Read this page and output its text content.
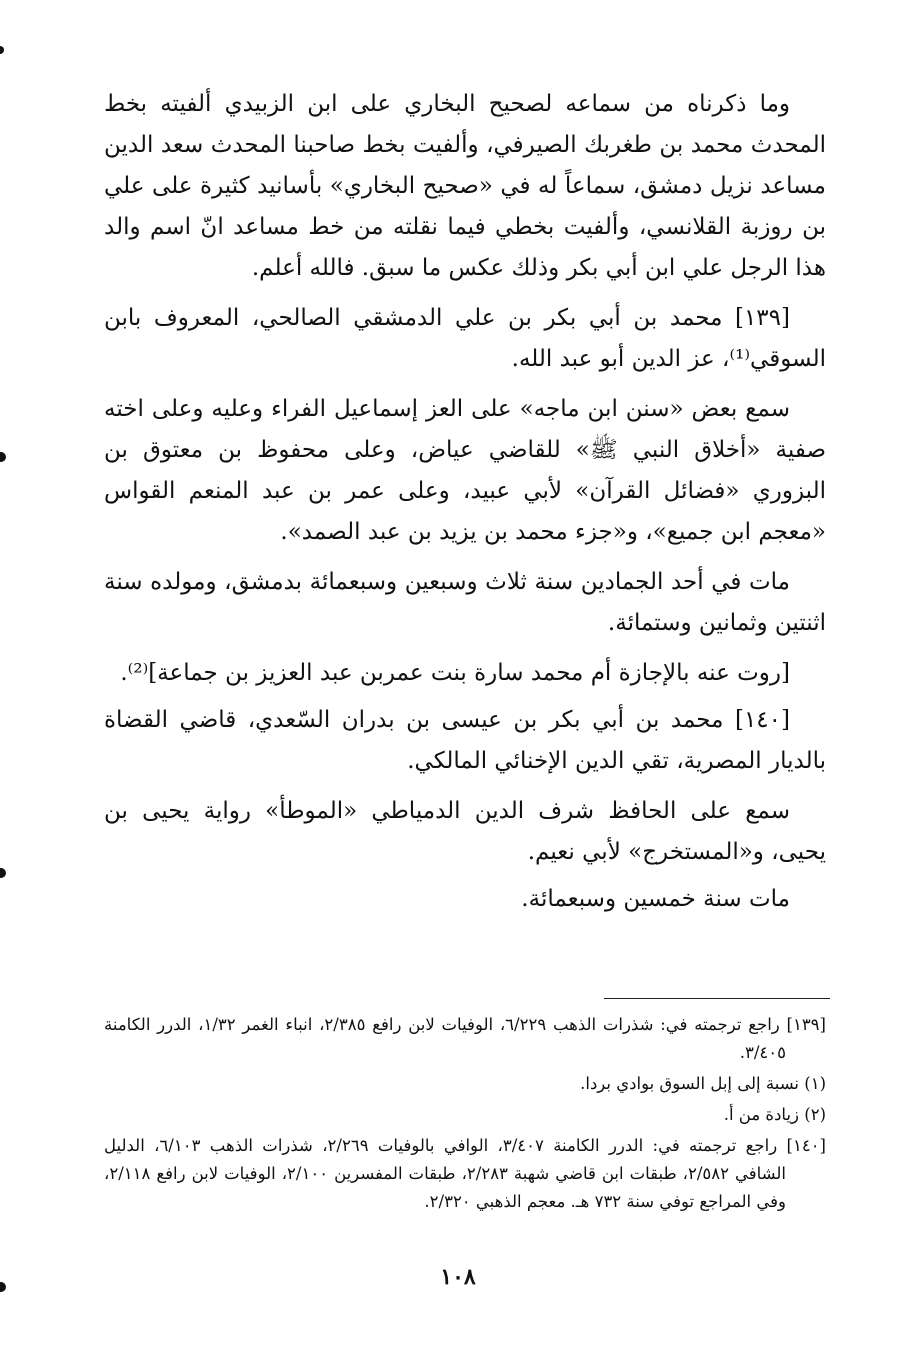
وما ذكرناه من سماعه لصحيح البخاري على ابن الزبيدي ألفيته بخط المحدث محمد بن طغربك الصيرفي، وألفيت بخط صاحبنا المحدث سعد الدين مساعد نزيل دمشق، سماعاً له في «صحيح البخاري» بأسانيد كثيرة على علي بن روزبة القلانسي، وألفيت بخطي فيما نقلته من خط مساعد انّ اسم والد هذا الرجل علي ابن أبي بكر وذلك عكس ما سبق. فالله أعلم.

[١٣٩] محمد بن أبي بكر بن علي الدمشقي الصالحي، المعروف بابن السوقي⁽¹⁾، عز الدين أبو عبد الله.

سمع بعض «سنن ابن ماجه» على العز إسماعيل الفراء وعليه وعلى اخته صفية «أخلاق النبي ﷺ» للقاضي عياض، وعلى محفوظ بن معتوق بن البزوري «فضائل القرآن» لأبي عبيد، وعلى عمر بن عبد المنعم القواس «معجم ابن جميع»، و«جزء محمد بن يزيد بن عبد الصمد».

مات في أحد الجمادين سنة ثلاث وسبعين وسبعمائة بدمشق، ومولده سنة اثنتين وثمانين وستمائة.

[روت عنه بالإجازة أم محمد سارة بنت عمربن عبد العزيز بن جماعة]⁽²⁾.

[١٤٠] محمد بن أبي بكر بن عيسى بن بدران السّعدي، قاضي القضاة بالديار المصرية، تقي الدين الإخنائي المالكي.

سمع على الحافظ شرف الدين الدمياطي «الموطأ» رواية يحيى بن يحيى، و«المستخرج» لأبي نعيم.

مات سنة خمسين وسبعمائة.

[١٣٩] راجع ترجمته في: شذرات الذهب ٦/٢٢٩، الوفيات لابن رافع ٢/٣٨٥، انباء الغمر ١/٣٢، الدرر الكامنة ٣/٤٠٥.

(١) نسبة إلى إبل السوق بوادي بردا.

(٢) زيادة من أ.

[١٤٠] راجع ترجمته في: الدرر الكامنة ٣/٤٠٧، الوافي بالوفيات ٢/٢٦٩، شذرات الذهب ٦/١٠٣، الدليل الشافي ٢/٥٨٢، طبقات ابن قاضي شهبة ٢/٢٨٣، طبقات المفسرين ٢/١٠٠، الوفيات لابن رافع ٢/١١٨، وفي المراجع توفي سنة ٧٣٢ هـ. معجم الذهبي ٢/٣٢٠.

١٠٨
